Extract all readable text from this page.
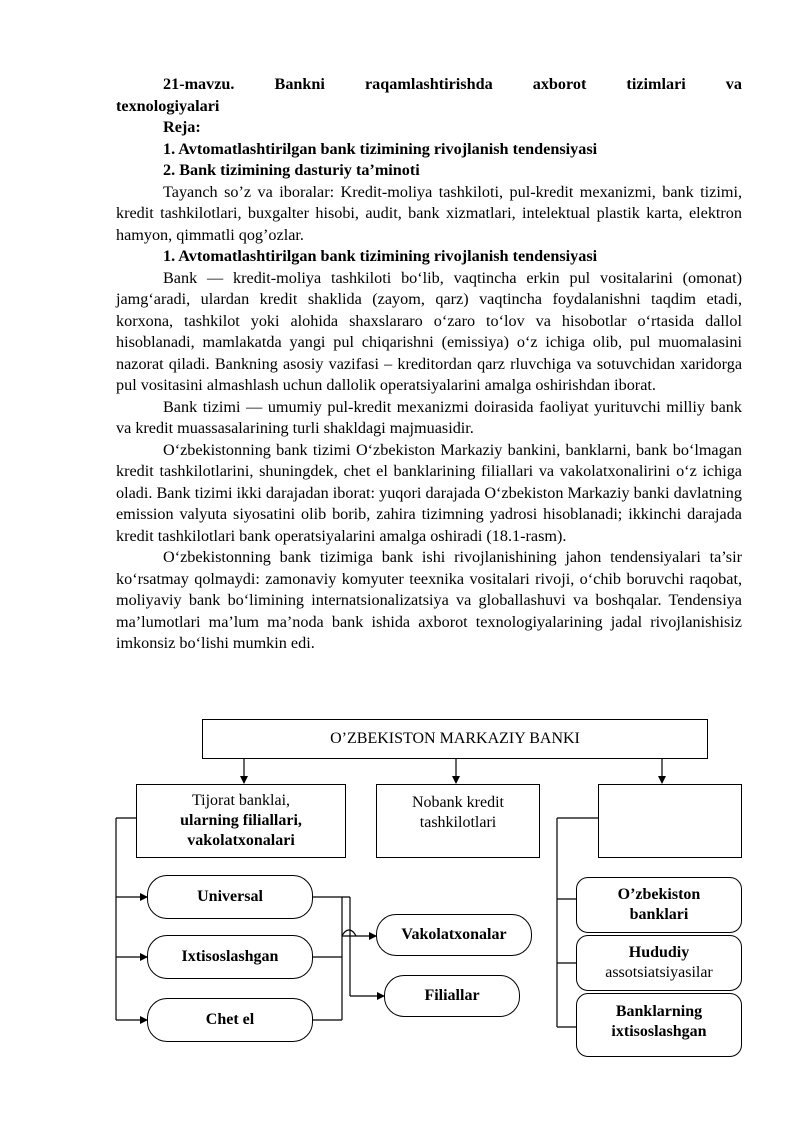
21-mavzu. Bankni raqamlashtirishda axborot tizimlari va

texnologiyalari

Reja:

1. Avtomatlashtirilgan bank tizimining rivojlanish tendensiyasi

2. Bank tizimining dasturiy ta’minoti

Tayanch so’z va iboralar: Kredit-moliya tashkiloti, pul-kredit mexanizmi, bank tizimi, kredit tashkilotlari, buxgalter hisobi, audit, bank xizmatlari, intelektual plastik karta, elektron hamyon, qimmatli qog’ozlar.

1. Avtomatlashtirilgan bank tizimining rivojlanish tendensiyasi

Bank — kredit-moliya tashkiloti bo‘lib, vaqtincha erkin pul vositalarini (omonat) jamg‘aradi, ulardan kredit shaklida (zayom, qarz) vaqtincha foydalanishni taqdim etadi, korxona, tashkilot yoki alohida shaxslararo o‘zaro to‘lov va hisobotlar o‘rtasida dallol hisoblanadi, mamlakatda yangi pul chiqarishni (emissiya) o‘z ichiga olib, pul muomalasini nazorat qiladi. Bankning asosiy vazifasi – kreditordan qarz rluvchiga va sotuvchidan xaridorga pul vositasini almashlash uchun dallolik operatsiyalarini amalga oshirishdan iborat.

Bank tizimi — umumiy pul-kredit mexanizmi doirasida faoliyat yurituvchi milliy bank va kredit muassasalarining turli shakldagi majmuasidir.

O‘zbekistonning bank tizimi O‘zbekiston Markaziy bankini, banklarni, bank bo‘lmagan kredit tashkilotlarini, shuningdek, chet el banklarining filiallari va vakolatxonalirini o‘z ichiga oladi. Bank tizimi ikki darajadan iborat: yuqori darajada O‘zbekiston Markaziy banki davlatning emission valyuta siyosatini olib borib, zahira tizimning yadrosi hisoblanadi; ikkinchi darajada kredit tashkilotlari bank operatsiyalarini amalga oshiradi (18.1-rasm).

O‘zbekistonning bank tizimiga bank ishi rivojlanishining jahon tendensiyalari ta’sir ko‘rsatmay qolmaydi: zamonaviy komyuter teexnika vositalari rivoji, o‘chib boruvchi raqobat, moliyaviy bank bo‘limining internatsionalizatsiya va globallashuvi va boshqalar. Tendensiya ma’lumotlari ma’lum ma’noda bank ishida axborot texnologiyalarining jadal rivojlanishisiz imkonsiz bo‘lishi mumkin edi.

O’ZBEKISTON MARKAZIY BANKI
Tijorat banklai,
ularning filiallari,
vakolatxonalari
Nobank kredit
tashkilotlari
Universal
Ixtisoslashgan
Chet el
Vakolatxonalar
Filiallar
O’zbekiston
banklari
Hududiy
assotsiatsiyasilar
Banklarning
ixtisoslashgan
